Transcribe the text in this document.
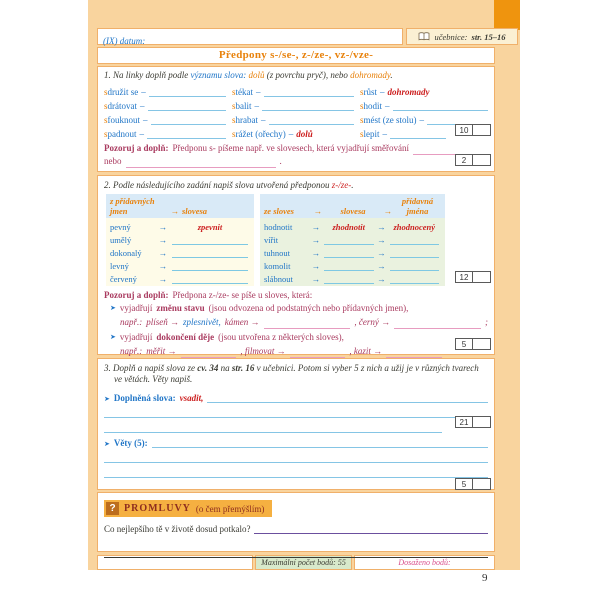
(IX) datum:	učebnice: str. 15–16
Předpony s-/se-, z-/ze-, vz-/vze-

1. Na linky doplň podle významu slova: dolů (z povrchu pryč), nebo dohromady.

sdružit se –	stékat –	srůst – dohromady
sdrátovat –	sbalit –	shodit –
sfouknout –	shrabat –	smést (ze stolu) –
spadnout –	srážet (ořechy) – dolů	slepit –

Pozoruj a doplň: Předponu s- píšeme např. ve slovesech, která vyjadřují směřování

nebo	.

10
2

2. Podle následujícího zadání napiš slova utvořená předponou z-/ze-.

z přídavných jmen	→ slovesa
pevný	→	zpevnit
umělý	→
dokonalý	→
levný	→
červený	→
ze sloves	→	slovesa	→
přídavná jména
hodnotit	→	zhodnotit	→ zhodnocený
vířit	→	→
tuhnout	→	→
komolit	→	→
slábnout	→	→

Pozoruj a doplň: Předpona z-/ze- se píše u sloves, která:

➤ vyjadřují změnu stavu (jsou odvozena od podstatných nebo přídavných jmen),

např.: plíseň → zplesnivět, kámen →	, černý →	;

➤ vyjadřují dokončení děje (jsou utvořena z některých sloves),

např.: měřit →	, filmovat →	, kazit →

12
5

3. Doplň a napiš slova ze cv. 34 na str. 16 v učebnici. Potom si vyber 5 z nich a užij je v různých tvarech ve větách. Věty napiš.

➤ Doplněná slova: vsadit,
➤ Věty (5):
21
5
? PROMLUVY (o čem přemýšlím)
Co nejlepšího tě v životě dosud potkalo?
Maximální počet bodů: 55	Dosaženo bodů:
9
